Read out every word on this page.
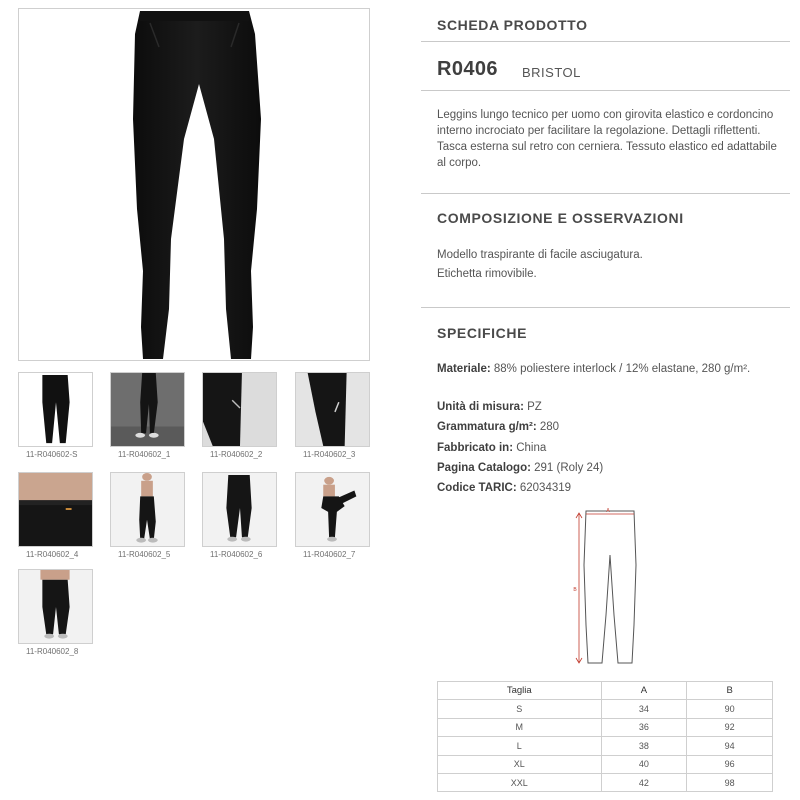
11-R040602-S	11-R040602_1	11-R040602_2	11-R040602_3
11-R040602_4	11-R040602_5	11-R040602_6	11-R040602_7
11-R040602_8
SCHEDA PRODOTTO
R0406 BRISTOL
Leggins lungo tecnico per uomo con girovita elastico e cordoncino interno incrociato per facilitare la regolazione. Dettagli riflettenti. Tasca esterna sul retro con cerniera. Tessuto elastico ed adattabile al corpo.
COMPOSIZIONE E OSSERVAZIONI
Modello traspirante di facile asciugatura.
Etichetta rimovibile.
SPECIFICHE
Materiale: 88% poliestere interlock / 12% elastane, 280 g/m².
Unità di misura: PZ
Grammatura g/m²: 280
Fabbricato in: China
Pagina Catalogo: 291 (Roly 24)
Codice TARIC: 62034319
A
B
Taglia	A	B
S	34	90
M	36	92
L	38	94
XL	40	96
XXL	42	98
